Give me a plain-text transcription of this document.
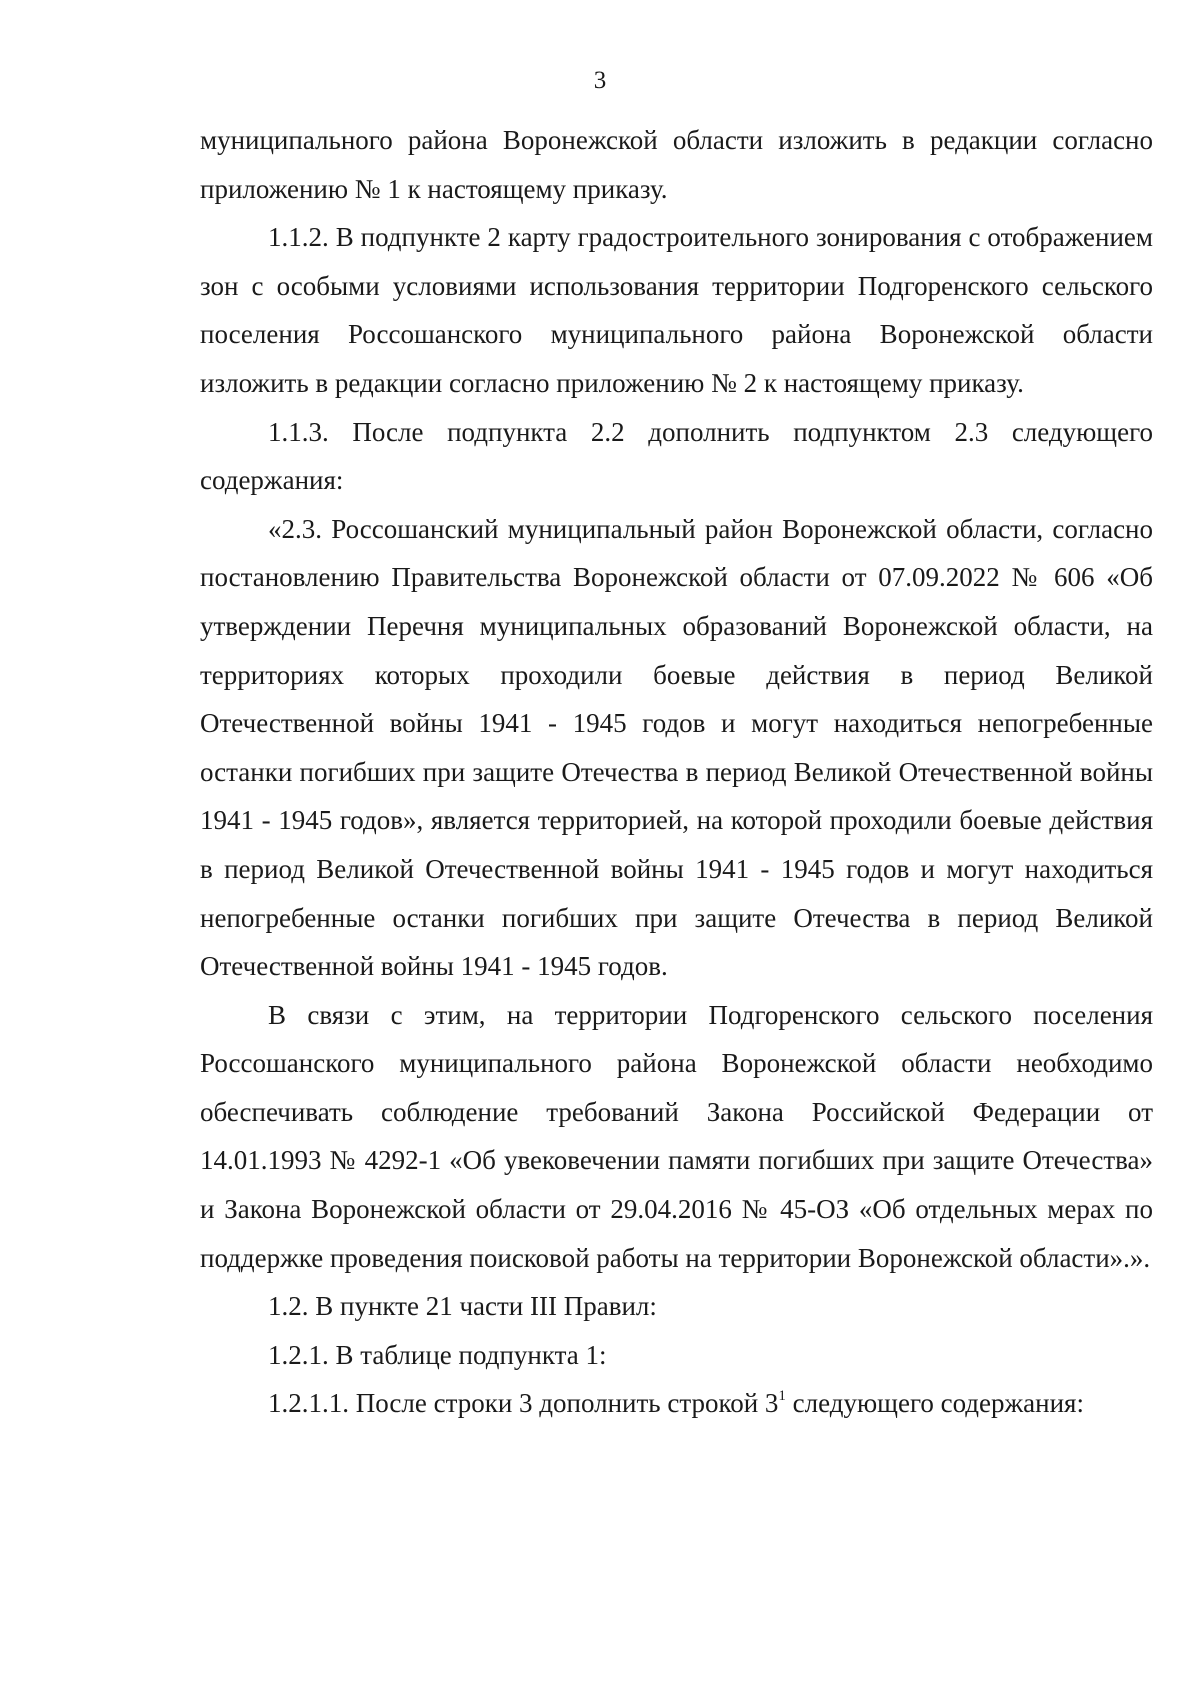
3

муниципального района Воронежской области изложить в редакции согласно приложению № 1 к настоящему приказу.

1.1.2. В подпункте 2 карту градостроительного зонирования с отображением зон с особыми условиями использования территории Подгоренского сельского поселения Россошанского муниципального района Воронежской области изложить в редакции согласно приложению № 2 к настоящему приказу.

1.1.3. После подпункта 2.2 дополнить подпунктом 2.3 следующего содержания:

«2.3. Россошанский муниципальный район Воронежской области, согласно постановлению Правительства Воронежской области от 07.09.2022 № 606 «Об утверждении Перечня муниципальных образований Воронежской области, на территориях которых проходили боевые действия в период Великой Отечественной войны 1941 - 1945 годов и могут находиться непогребенные останки погибших при защите Отечества в период Великой Отечественной войны 1941 - 1945 годов», является территорией, на которой проходили боевые действия в период Великой Отечественной войны 1941 - 1945 годов и могут находиться непогребенные останки погибших при защите Отечества в период Великой Отечественной войны 1941 - 1945 годов.

В связи с этим, на территории Подгоренского сельского поселения Россошанского муниципального района Воронежской области необходимо обеспечивать соблюдение требований Закона Российской Федерации от 14.01.1993 № 4292-1 «Об увековечении памяти погибших при защите Отечества» и Закона Воронежской области от 29.04.2016 № 45-ОЗ «Об отдельных мерах по поддержке проведения поисковой работы на территории Воронежской области».».

1.2. В пункте 21 части III Правил:

1.2.1. В таблице подпункта 1:

1.2.1.1. После строки 3 дополнить строкой $3^1$ следующего содержания:
